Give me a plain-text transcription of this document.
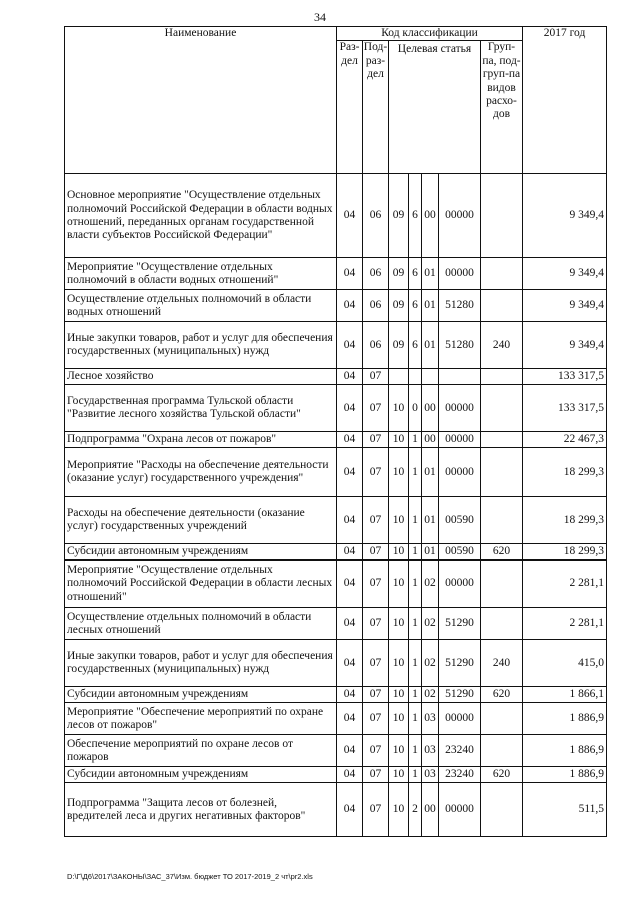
34
Наименование	Код классификации							2017 год
	Раз-дел	Под-раз-дел	Целевая статья				Груп-па, под-груп-па видов расхо-дов	
Основное мероприятие "Осуществление отдельных полномочий Российской Федерации в области водных отношений, переданных органам государственной власти субъектов Российской Федерации"	04	06	09	6	00	00000		9 349,4
Мероприятие "Осуществление отдельных полномочий в области водных отношений"	04	06	09	6	01	00000		9 349,4
Осуществление отдельных полномочий в области водных отношений	04	06	09	6	01	51280		9 349,4
Иные закупки товаров, работ и услуг для обеспечения государственных (муниципальных) нужд	04	06	09	6	01	51280	240	9 349,4
Лесное хозяйство	04	07						133 317,5
Государственная программа Тульской области "Развитие лесного хозяйства Тульской области"	04	07	10	0	00	00000		133 317,5
Подпрограмма "Охрана лесов от пожаров"	04	07	10	1	00	00000		22 467,3
Мероприятие "Расходы на обеспечение деятельности (оказание услуг) государственного учреждения"	04	07	10	1	01	00000		18 299,3
Расходы на обеспечение деятельности (оказание услуг) государственных учреждений	04	07	10	1	01	00590		18 299,3
Субсидии автономным учреждениям	04	07	10	1	01	00590	620	18 299,3
Мероприятие "Осуществление отдельных полномочий Российской Федерации в области лесных отношений"	04	07	10	1	02	00000		2 281,1
Осуществление отдельных полномочий в области лесных отношений	04	07	10	1	02	51290		2 281,1
Иные закупки товаров, работ и услуг для обеспечения государственных (муниципальных) нужд	04	07	10	1	02	51290	240	415,0
Субсидии автономным учреждениям	04	07	10	1	02	51290	620	1 866,1
Мероприятие "Обеспечение мероприятий по охране лесов от пожаров"	04	07	10	1	03	00000		1 886,9
Обеспечение мероприятий по охране лесов от пожаров	04	07	10	1	03	23240		1 886,9
Субсидии автономным учреждениям	04	07	10	1	03	23240	620	1 886,9
Подпрограмма "Защита лесов от болезней, вредителей леса и других негативных факторов"	04	07	10	2	00	00000		511,5
D:\Г\Д6\2017\ЗАКОНЫ\ЗАС_37\Изм. бюджет ТО 2017-2019_2 чт\pr2.xls
